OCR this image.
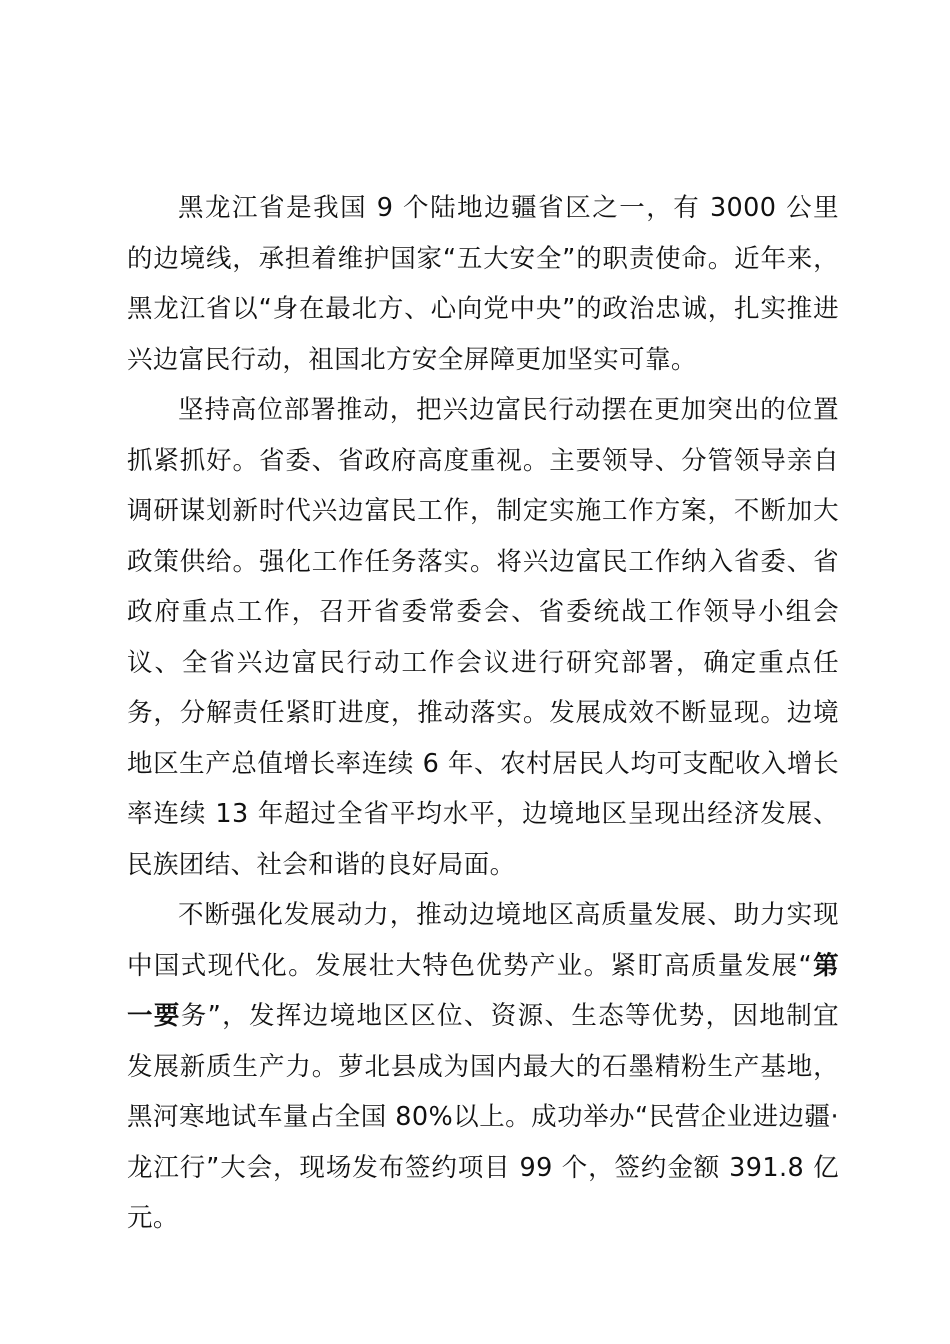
黑龙江省是我国 9 个陆地边疆省区之一，有 3000 公里的边境线，承担着维护国家“五大安全”的职责使命。近年来，黑龙江省以“身在最北方、心向党中央”的政治忠诚，扎实推进兴边富民行动，祖国北方安全屏障更加坚实可靠。

坚持高位部署推动，把兴边富民行动摆在更加突出的位置抓紧抓好。省委、省政府高度重视。主要领导、分管领导亲自调研谋划新时代兴边富民工作，制定实施工作方案，不断加大政策供给。强化工作任务落实。将兴边富民工作纳入省委、省政府重点工作，召开省委常委会、省委统战工作领导小组会议、全省兴边富民行动工作会议进行研究部署，确定重点任务，分解责任紧盯进度，推动落实。发展成效不断显现。边境地区生产总值增长率连续 6 年、农村居民人均可支配收入增长率连续 13 年超过全省平均水平，边境地区呈现出经济发展、民族团结、社会和谐的良好局面。

不断强化发展动力，推动边境地区高质量发展、助力实现中国式现代化。发展壮大特色优势产业。紧盯高质量发展“第一要务”，发挥边境地区区位、资源、生态等优势，因地制宜发展新质生产力。萝北县成为国内最大的石墨精粉生产基地，黑河寒地试车量占全国 80%以上。成功举办“民营企业进边疆·龙江行”大会，现场发布签约项目 99 个，签约金额 391.8 亿元。
